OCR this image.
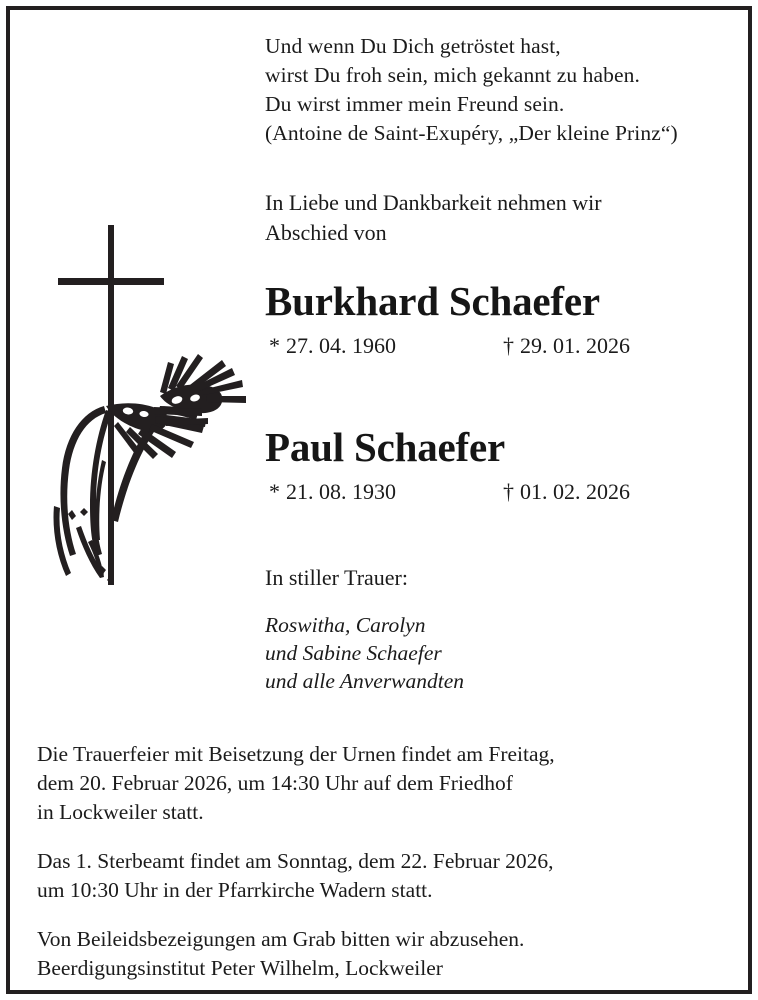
Und wenn Du Dich getröstet hast,
wirst Du froh sein, mich gekannt zu haben.
Du wirst immer mein Freund sein.
(Antoine de Saint-Exupéry, „Der kleine Prinz“)
In Liebe und Dankbarkeit nehmen wir
Abschied von
Burkhard Schaefer
* 27. 04. 1960	† 29. 01. 2026
Paul Schaefer
* 21. 08. 1930	† 01. 02. 2026
In stiller Trauer:
Roswitha, Carolyn
und Sabine Schaefer
und alle Anverwandten
Die Trauerfeier mit Beisetzung der Urnen findet am Freitag,
dem 20. Februar 2026, um 14:30 Uhr auf dem Friedhof
in Lockweiler statt.
Das 1. Sterbeamt findet am Sonntag, dem 22. Februar 2026,
um 10:30 Uhr in der Pfarrkirche Wadern statt.
Von Beileidsbezeigungen am Grab bitten wir abzusehen.
Beerdigungsinstitut Peter Wilhelm, Lockweiler
